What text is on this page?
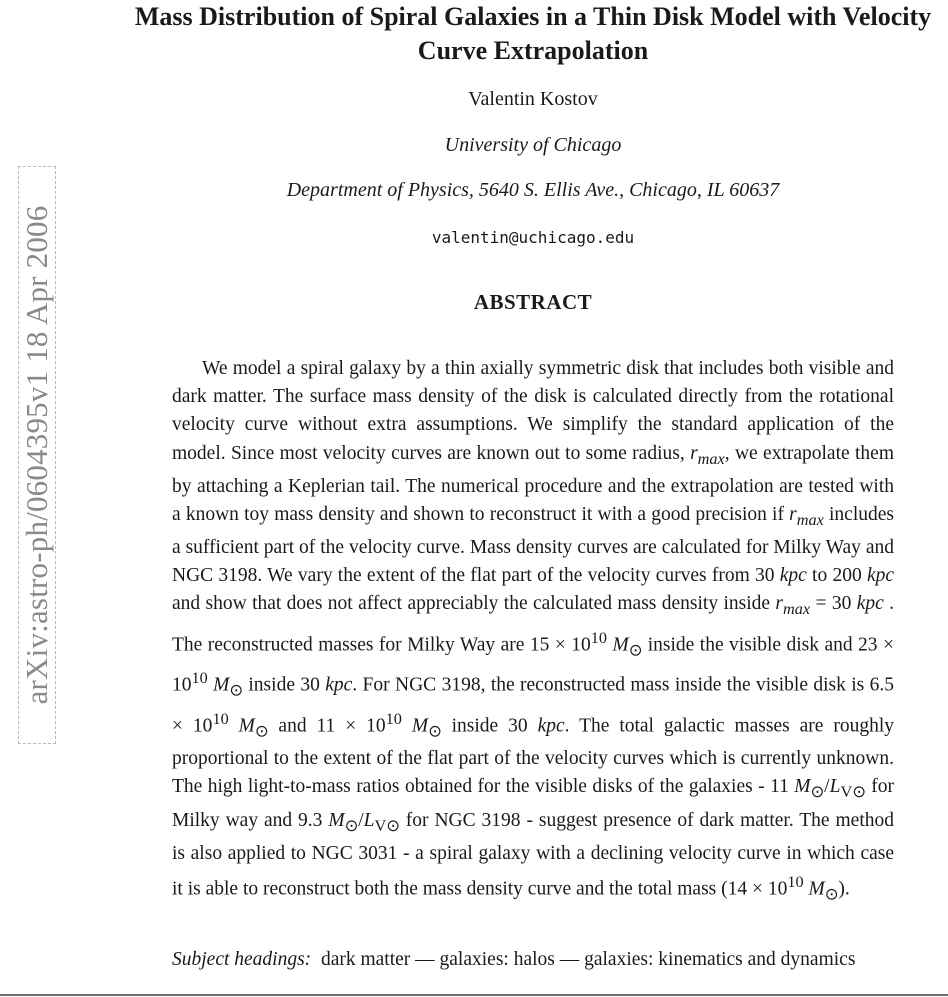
arXiv:astro-ph/0604395v1 18 Apr 2006
Mass Distribution of Spiral Galaxies in a Thin Disk Model with Velocity Curve Extrapolation
Valentin Kostov
University of Chicago
Department of Physics, 5640 S. Ellis Ave., Chicago, IL 60637
valentin@uchicago.edu
ABSTRACT

We model a spiral galaxy by a thin axially symmetric disk that includes both visible and dark matter. The surface mass density of the disk is calculated directly from the rotational velocity curve without extra assumptions. We simplify the standard application of the model. Since most velocity curves are known out to some radius, $r_{max}$, we extrapolate them by attaching a Keplerian tail. The numerical procedure and the extrapolation are tested with a known toy mass density and shown to reconstruct it with a good precision if $r_{max}$ includes a sufficient part of the velocity curve. Mass density curves are calculated for Milky Way and NGC 3198. We vary the extent of the flat part of the velocity curves from 30 kpc to 200 kpc and show that does not affect appreciably the calculated mass density inside $r_{max} = 30$ kpc . The reconstructed masses for Milky Way are $15 \times 10^{10}$ $M_⊙$ inside the visible disk and $23 \times 10^{10}$ $M_⊙$ inside 30 kpc. For NGC 3198, the reconstructed mass inside the visible disk is $6.5 \times 10^{10}$ $M_⊙$ and $11 \times 10^{10}$ $M_⊙$ inside 30 kpc. The total galactic masses are roughly proportional to the extent of the flat part of the velocity curves which is currently unknown. The high light-to-mass ratios obtained for the visible disks of the galaxies - 11 $M_⊙/L_{V⊙}$ for Milky way and 9.3 $M_⊙/L_{V⊙}$ for NGC 3198 - suggest presence of dark matter. The method is also applied to NGC 3031 - a spiral galaxy with a declining velocity curve in which case it is able to reconstruct both the mass density curve and the total mass ($14 \times 10^{10}$ $M_⊙$).

Subject headings: dark matter — galaxies: halos — galaxies: kinematics and dynamics
